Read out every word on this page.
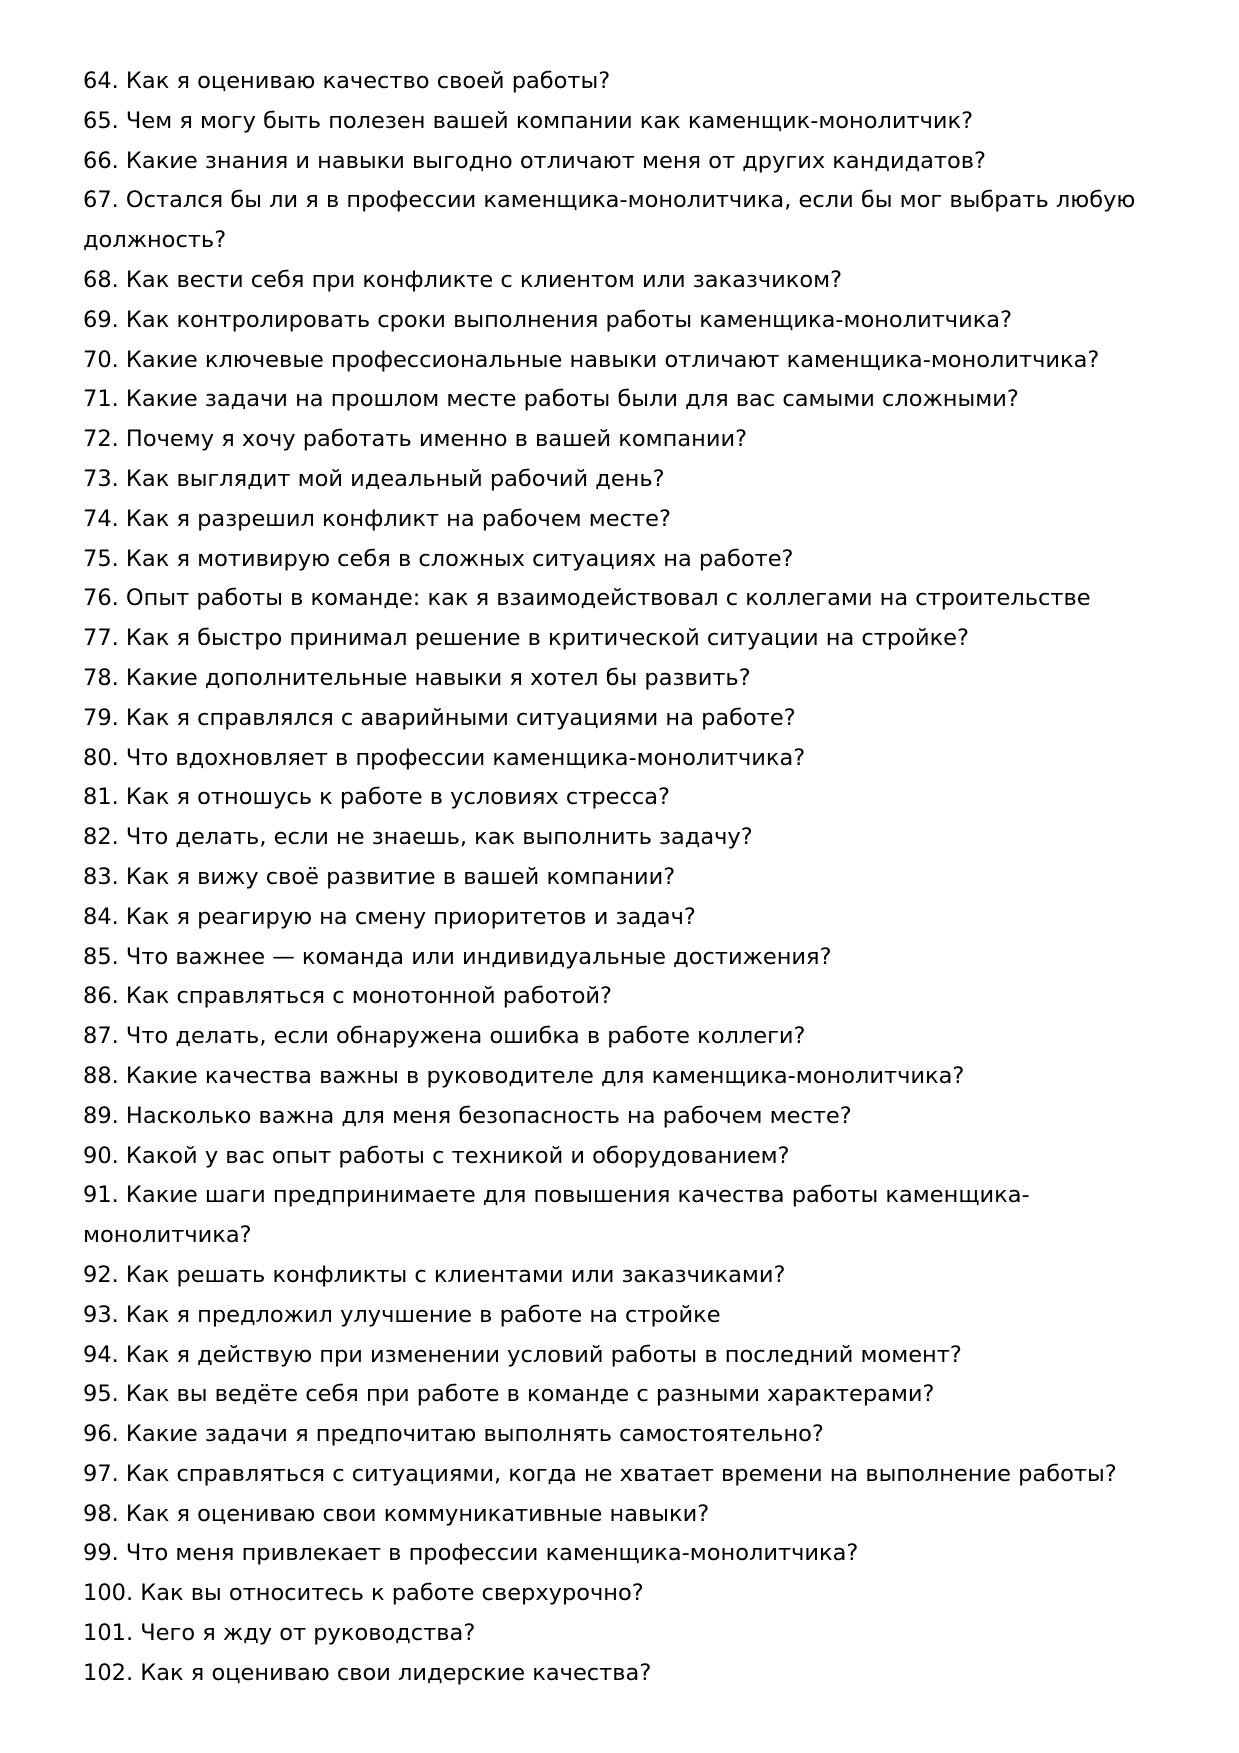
64. Как я оцениваю качество своей работы?
65. Чем я могу быть полезен вашей компании как каменщик-монолитчик?
66. Какие знания и навыки выгодно отличают меня от других кандидатов?
67. Остался бы ли я в профессии каменщика-монолитчика, если бы мог выбрать любую должность?
68. Как вести себя при конфликте с клиентом или заказчиком?
69. Как контролировать сроки выполнения работы каменщика-монолитчика?
70. Какие ключевые профессиональные навыки отличают каменщика-монолитчика?
71. Какие задачи на прошлом месте работы были для вас самыми сложными?
72. Почему я хочу работать именно в вашей компании?
73. Как выглядит мой идеальный рабочий день?
74. Как я разрешил конфликт на рабочем месте?
75. Как я мотивирую себя в сложных ситуациях на работе?
76. Опыт работы в команде: как я взаимодействовал с коллегами на строительстве
77. Как я быстро принимал решение в критической ситуации на стройке?
78. Какие дополнительные навыки я хотел бы развить?
79. Как я справлялся с аварийными ситуациями на работе?
80. Что вдохновляет в профессии каменщика-монолитчика?
81. Как я отношусь к работе в условиях стресса?
82. Что делать, если не знаешь, как выполнить задачу?
83. Как я вижу своё развитие в вашей компании?
84. Как я реагирую на смену приоритетов и задач?
85. Что важнее — команда или индивидуальные достижения?
86. Как справляться с монотонной работой?
87. Что делать, если обнаружена ошибка в работе коллеги?
88. Какие качества важны в руководителе для каменщика-монолитчика?
89. Насколько важна для меня безопасность на рабочем месте?
90. Какой у вас опыт работы с техникой и оборудованием?
91. Какие шаги предпринимаете для повышения качества работы каменщика-монолитчика?
92. Как решать конфликты с клиентами или заказчиками?
93. Как я предложил улучшение в работе на стройке
94. Как я действую при изменении условий работы в последний момент?
95. Как вы ведёте себя при работе в команде с разными характерами?
96. Какие задачи я предпочитаю выполнять самостоятельно?
97. Как справляться с ситуациями, когда не хватает времени на выполнение работы?
98. Как я оцениваю свои коммуникативные навыки?
99. Что меня привлекает в профессии каменщика-монолитчика?
100. Как вы относитесь к работе сверхурочно?
101. Чего я жду от руководства?
102. Как я оцениваю свои лидерские качества?
